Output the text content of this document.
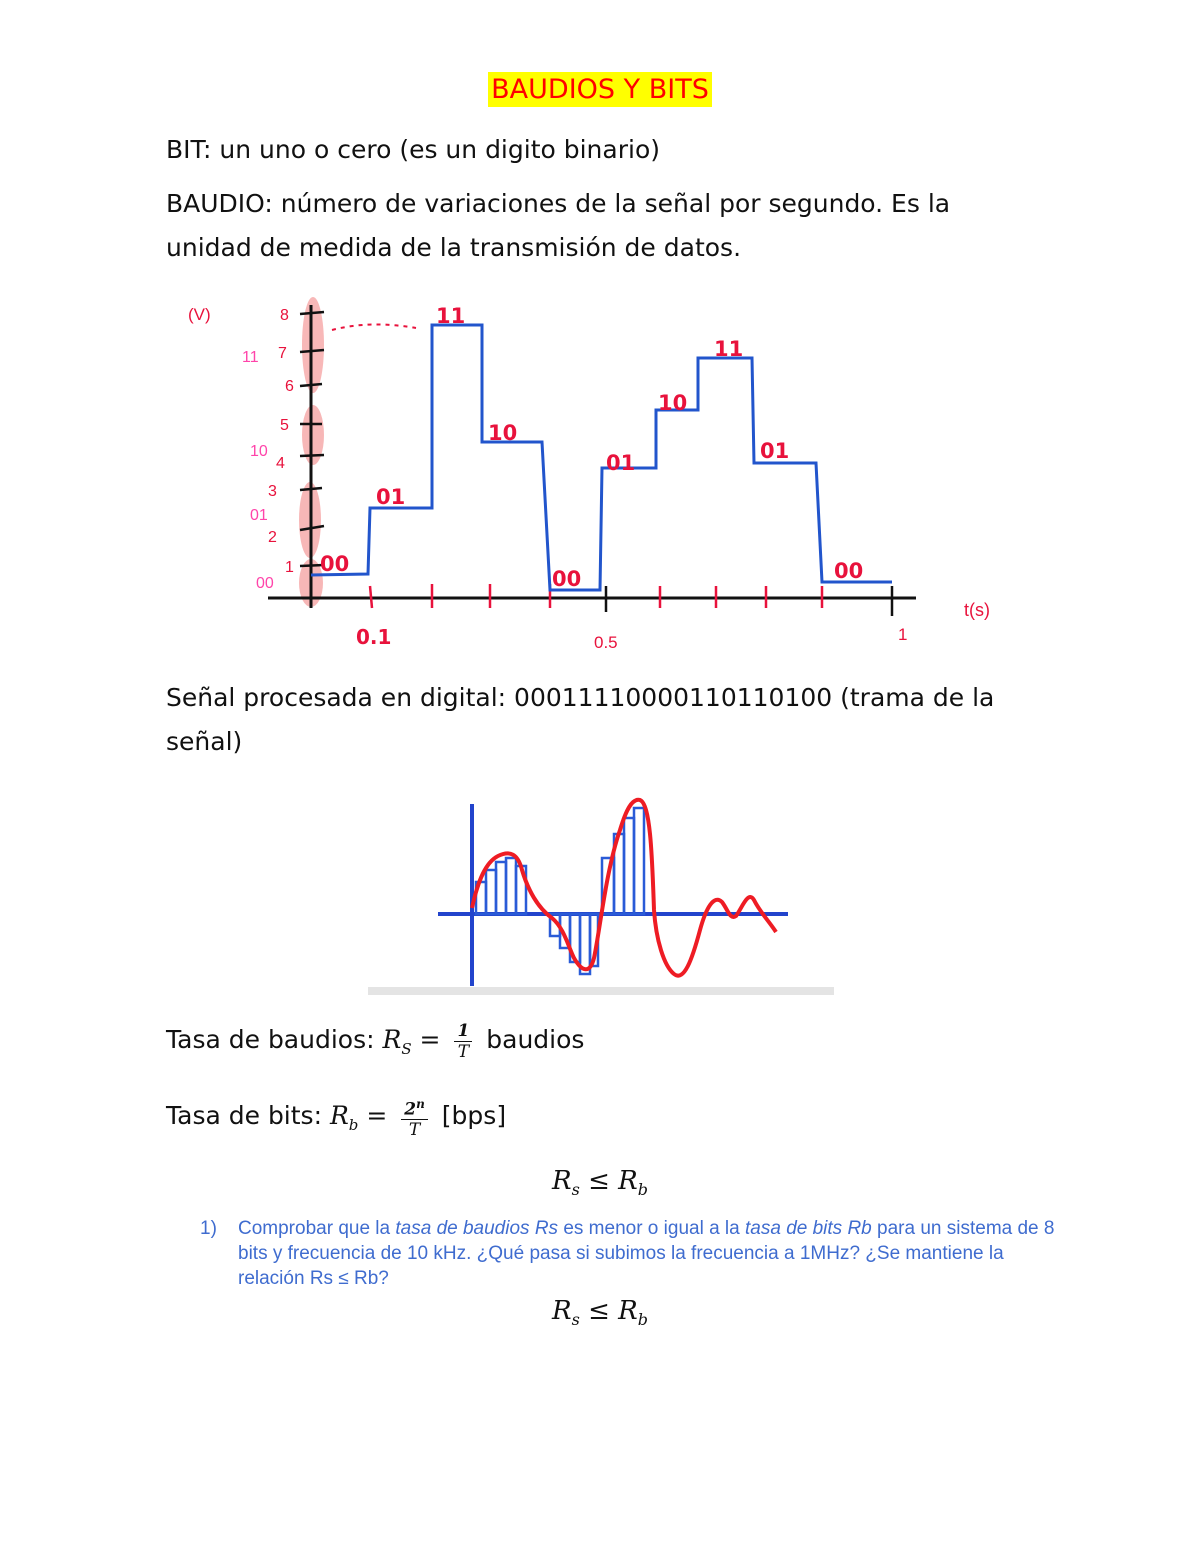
BAUDIOS Y BITS
BIT: un uno o cero (es un digito binario)
BAUDIO: número de variaciones de la señal por segundo. Es la
unidad de medida de la transmisión de datos.
8
7
6
5
4
3
2
1
11
10
01
00
(V)
t(s)
0.1	0.5	1
00
01
11
10
00
01
10
11
01
00
Señal procesada en digital: 00011110000110110100 (trama de la
señal)
Tasa de baudios: $R_S = \frac{1}{T}$ baudios
Tasa de bits: $R_b = \frac{2^n}{T} [bps]$
$R_s \le R_b$
1) Comprobar que la tasa de baudios Rs es menor o igual a la tasa de bits Rb para un sistema de 8 bits y frecuencia de 10 kHz. ¿Qué pasa si subimos la frecuencia a 1MHz? ¿Se mantiene la relación Rs ≤ Rb?
$R_s \le R_b$
